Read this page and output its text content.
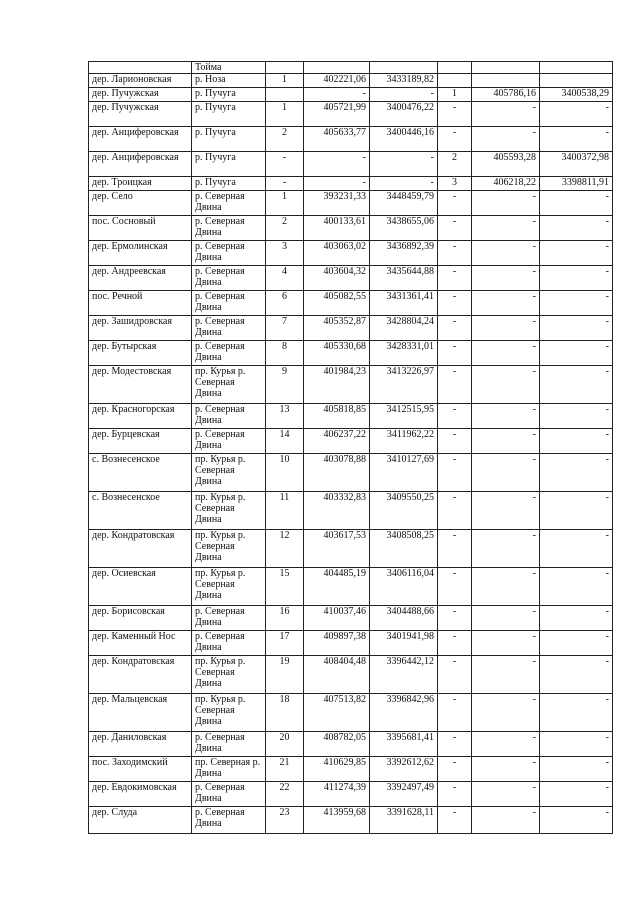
	Тойма						
дер. Ларионовская	р. Ноза	1	402221,06	3433189,82			
дер. Пучужская	р. Пучуга		-	-	1	405786,16	3400538,29
дер. Пучужская	р. Пучуга	1	405721,99	3400476,22	-	-	-
дер. Анциферовская	р. Пучуга	2	405633,77	3400446,16	-	-	-
дер. Анциферовская	р. Пучуга	-	-	-	2	405593,28	3400372,98
дер. Троицкая	р. Пучуга	-	-	-	3	406218,22	3398811,91
дер. Село	р. Северная Двина	1	393231,33	3448459,79	-	-	-
пос. Сосновый	р. Северная Двина	2	400133,61	3438655,06	-	-	-
дер. Ермолинская	р. Северная Двина	3	403063,02	3436892,39	-	-	-
дер. Андреевская	р. Северная Двина	4	403604,32	3435644,88	-	-	-
пос. Речной	р. Северная Двина	6	405082,55	3431361,41	-	-	-
дер. Зашидровская	р. Северная Двина	7	405352,87	3428804,24	-	-	-
дер. Бутырская	р. Северная Двина	8	405330,68	3428331,01	-	-	-
дер. Модестовская	пр. Курья р. Северная Двина	9	401984,23	3413226,97	-	-	-
дер. Красногорская	р. Северная Двина	13	405818,85	3412515,95	-	-	-
дер. Бурцевская	р. Северная Двина	14	406237,22	3411962,22	-	-	-
с. Вознесенское	пр. Курья р. Северная Двина	10	403078,88	3410127,69	-	-	-
с. Вознесенское	пр. Курья р. Северная Двина	11	403332,83	3409550,25	-	-	-
дер. Кондратовская	пр. Курья р. Северная Двина	12	403617,53	3408508,25	-	-	-
дер. Осиевская	пр. Курья р. Северная Двина	15	404485,19	3406116,04	-	-	-
дер. Борисовская	р. Северная Двина	16	410037,46	3404488,66	-	-	-
дер. Каменный Нос	р. Северная Двина	17	409897,38	3401941,98	-	-	-
дер. Кондратовская	пр. Курья р. Северная Двина	19	408404,48	3396442,12	-	-	-
дер. Мальцевская	пр. Курья р. Северная Двина	18	407513,82	3396842,96	-	-	-
дер. Даниловская	р. Северная Двина	20	408782,05	3395681,41	-	-	-
пос. Заходимский	пр. Северная р. Двина	21	410629,85	3392612,62	-	-	-
дер. Евдокимовская	р. Северная Двина	22	411274,39	3392497,49	-	-	-
дер. Слуда	р. Северная Двина	23	413959,68	3391628,11	-	-	-
